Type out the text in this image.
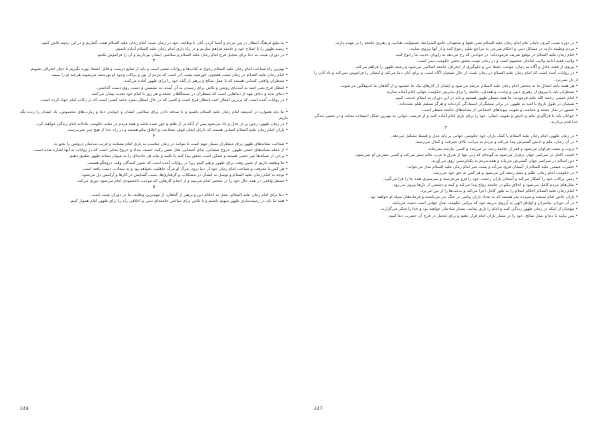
• به تبلیغ فرهنگ انتظار در بین مردم و آشنا کردن آنان با وظایف خود در زمان غیبت امام زمان علیه السلام همت گماریم و در این زمینه تلاش کنیم.

• زمینه ظهور را با اصلاح خود و جامعه فراهم سازیم و در راه یاری امام زمان علیه السلام آماده باشیم.

• در دوران غیبت به دعا برای تعجیل فرج امام زمان علیه السلام و سلامتی ایشان بپردازیم و آن را فراموش نکنیم.

۳

• بهترین راه شناخت امام زمان علیه السلام رجوع به کتاب‌ها و روایات معتبر است و باید از منابع درست و قابل اعتماد بهره بگیریم تا دچار انحراف نشویم.

• امام زمان علیه السلام در زمان غیبت همچون خورشید پشت ابر است که مردم از نور و برکات وجود او بهره‌مند می‌شوند هرچند او را نبینند.

• منتظران واقعی کسانی هستند که با عمل صالح و پرهیز از گناه خود را برای ظهور آماده می‌کنند.

• انتظار فرج یعنی امید به آینده‌ای روشن و تلاش برای رسیدن به آن آینده، نه نشستن و دست روی دست گذاشتن.

• دعای ندبه و دعای عهد از دعاهایی است که منتظران در صبحگاهان جمعه و هر روز با امام خود تجدید پیمان می‌کنند.

• در روایات آمده است که برترین اعمال امت انتظار فرج است و کسی که در حال انتظار بمیرد مانند کسی است که در رکاب امام جهاد کرده است.

• ما باید همواره در اندیشه امام زمان علیه السلام باشیم و با صدقه دادن برای سلامتی ایشان و خواندن دعا و زیارت‌های مخصوص، یاد ایشان را زنده نگه داریم.

• در زمان ظهور، زمین پر از عدل و داد می‌شود پس از آنکه پر از ظلم و جور شده باشد و همه مردم در سایه حکومت عادلانه امام زندگی خواهند کرد.

• یاران امام زمان علیه السلام کسانی هستند که دارای ایمان قوی، شجاعت و اخلاق نیکو هستند و در راه خدا از هیچ چیز نمی‌ترسند.

۴

• شناخت نشانه‌های ظهور برای منتظران بسیار مهم است تا بتوانند در زمان مناسب به یاری امام بشتابند و فریب مدعیان دروغین را نخورند.

• از جمله نشانه‌های حتمی ظهور، خروج سفیانی، ندای آسمانی، قتل نفس زکیه، خسف بیداء و خروج یمانی است که در روایات به آنها اشاره شده است.

• برخی از نشانه‌ها غیر حتمی هستند و ممکن است تحقق پیدا کنند یا نکنند و نباید هر حادثه‌ای را به عنوان نشانه ظهور تطبیق دهیم.

• ما وظیفه داریم از تعیین وقت برای ظهور پرهیز کنیم زیرا در روایات آمده است که تعیین کنندگان وقت دروغگو هستند.

• هر کس با معرفت و شناخت امام زمان خود از دنیا برود، مرگ او مرگ جاهلیت نخواهد بود و به سعادت دست یافته است.

• توجه به امام زمان علیه السلام و توسل به ایشان در مشکلات و گرفتاری‌ها، سبب گشایش در کارها و آرامش دل می‌شود.

• منتظر واقعی در همه حال خود را در محضر امام می‌بیند و از انجام کارهایی که موجب ناخشنودی امام می‌شود دوری می‌کند.

۵

• دعا برای امام زمان علیه السلام، عمل به احکام دین و پرهیز از گناهان، از مهم‌ترین وظایف ما در دوران غیبت است.

• همه ما باید در زمینه‌سازی ظهور سهیم باشیم و با تلاش برای ساختن جامعه‌ای دینی و اخلاقی راه را برای ظهور امام هموار کنیم.

248

• در دوره غیبت کبری، نایبان عام امام زمان علیه السلام یعنی فقها و مجتهدان جامع الشرایط، مسئولیت هدایت و رهبری جامعه را بر عهده دارند.

• مردم وظیفه دارند در مسائل دینی و احکام شرعی به مراجع تقلید رجوع کنند و از آنها پیروی نمایند.

• امام زمان علیه السلام در توقیع شریف فرموده‌اند: در حوادثی که رخ می‌دهد به راویان حدیث ما رجوع کنید.

• ولایت فقیه ادامه ولایت امامان معصوم است و در زمان غیبت تحقق بخش حکومت دینی است.

• پیروی از فقیه عادل و آگاه به زمان، موجب حفظ دین و جلوگیری از انحراف جامعه اسلامی می‌شود و زمینه ظهور را فراهم می‌کند.

• در روایات آمده است که امام زمان علیه السلام در زمان غیبت از حال شیعیان آگاه است و برای آنان دعا می‌کند و ایشان را فراموش نمی‌کند و یاد آنان را از دل نمی‌برد.

• هر هفته نامه اعمال ما به محضر امام زمان علیه السلام عرضه می‌شود و ایشان از کارهای نیک ما خشنود و از گناهان ما اندوهگین می‌شوند.

• منتظران باید با پیروی از رهبری دینی و وحدت و همدلی، جامعه را برای پذیرش حکومت جهانی امام آماده سازند.

• امام خمینی رحمه الله علیه فرمودند: ما همه منتظر ظهور هستیم و باید در این دوران به اسلام خدمت کنیم.

• شیعیان در طول تاریخ با امید به ظهور، در برابر ستمگران ایستادگی کرده‌اند و هرگز تسلیم ظلم نشده‌اند.

• حضور در نماز جمعه و جماعت و تقویت پیوندهای اجتماعی از نشانه‌های جامعه منتظر است.

• جوانان باید با فراگیری علم و دانش و تقویت ایمان، خود را برای یاری امام آماده کنند و از فرصت جوانی به بهترین شکل استفاده نمایند و در مسیر بندگی خدا قدم بردارند.

۲

• در زمان ظهور، امام زمان علیه السلام با کمک یاران خود حکومتی جهانی بر پایه عدل و قسط تشکیل می‌دهد.

• در آن زمان، علم و دانش گسترش پیدا می‌کند و مردم به مراتب بالای معرفت و کمال می‌رسند.

• ثروت و نعمت فراوان می‌شود و فقر از جامعه رخت بر می‌بندد و کسی نیازمند نمی‌ماند.

• امنیت کامل در سراسر جهان برقرار می‌شود به گونه‌ای که زنی تنها از شرق تا غرب عالم سفر می‌کند و کسی متعرض او نمی‌شود.

• دین اسلام در سراسر جهان گسترش می‌یابد و همه مردم به یکتاپرستی روی می‌آورند.

• حضرت عیسی علیه السلام از آسمان فرود می‌آید و پشت سر امام زمان علیه السلام نماز می‌خواند.

• در حکومت امام زمان، ظلم و ستم ریشه کن می‌شود و هر کس به حق خود می‌رسد.

• زمین برکات خود را آشکار می‌کند و آسمان باران رحمت خود را فرو می‌فرستد و سرسبزی همه جا را فرا می‌گیرد.

• عقل‌های مردم کامل می‌شود و اخلاق نیکو در جامعه رواج پیدا می‌کند و کینه و دشمنی از دل‌ها بیرون می‌رود.

• امام زمان علیه السلام احکام اسلام را به طور کامل اجرا می‌کند و بدعت‌ها را از بین می‌برد.

• یاران خاص امام سیصد و سیزده نفر هستند که به تعداد یاران پیامبر در جنگ بدر می‌باشند و فرماندهان سپاه او خواهند بود.

• در آن دوران، پیامبران و اولیای الهی به آرزوی دیرینه خود که برپایی حکومت عدل جهانی است دست می‌یابند.

• مؤمنان از اینکه در زمان ظهور زندگی کنند و امام را یاری نمایند، بسیار شادمان خواهند بود و خدا را شکر می‌گزارند.

• پس بیایید با دعا و عمل صالح، خود را در شمار یاران امام قرار دهیم و برای تعجیل در فرج آن حضرت دعا کنیم.

247
